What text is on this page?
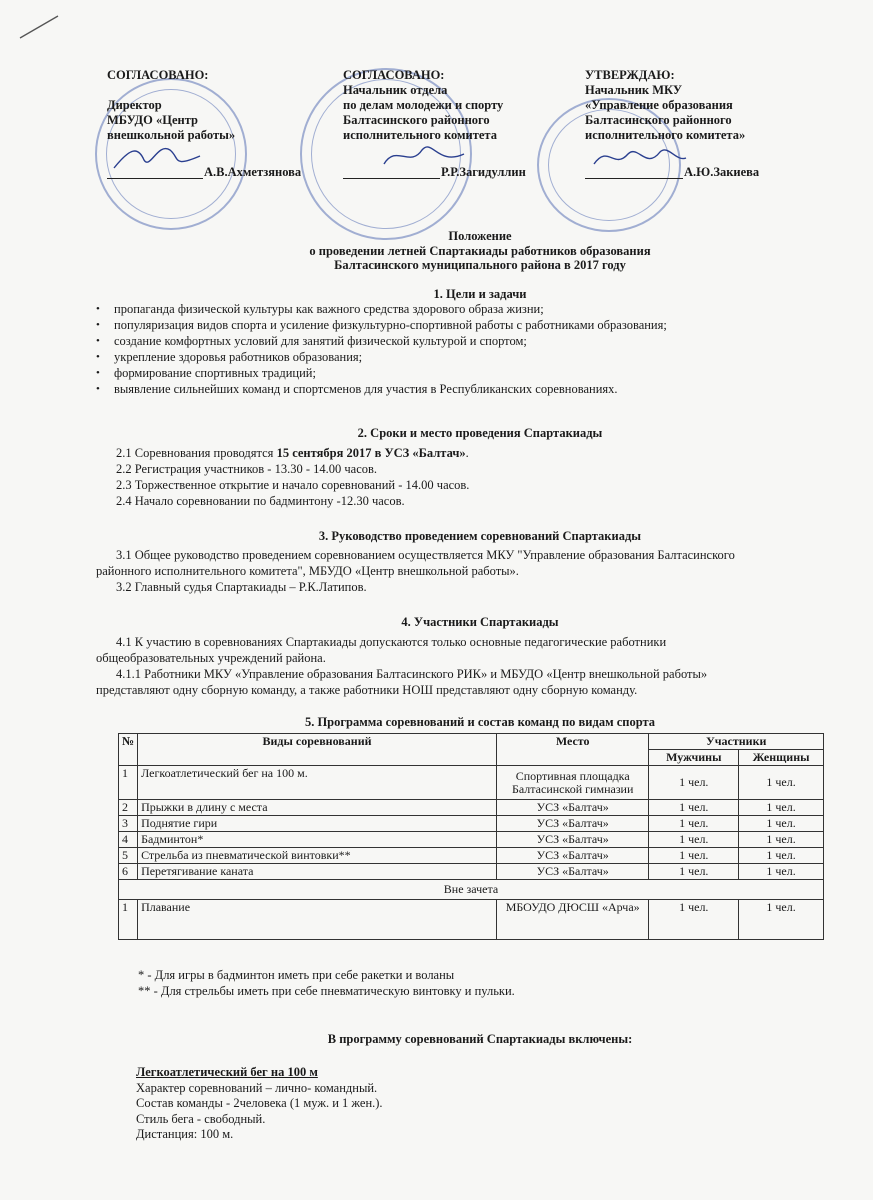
СОГЛАСОВАНО:
Директор
МБУДО «Центр
внешкольной работы»
А.В.Ахметзянова
СОГЛАСОВАНО:
Начальник отдела
по делам молодежи и спорту
Балтасинского районного
исполнительного комитета
Р.Р.Загидуллин
УТВЕРЖДАЮ:
Начальник МКУ
«Управление образования
Балтасинского районного
исполнительного комитета»
А.Ю.Закиева
Положение
о проведении летней Спартакиады работников образования
Балтасинского муниципального района в 2017 году
1. Цели и задачи
• пропаганда физической культуры как важного средства здорового образа жизни;
• популяризация видов спорта и усиление физкультурно-спортивной работы с работниками образования;
• создание комфортных условий для занятий физической культурой и спортом;
• укрепление здоровья работников образования;
• формирование спортивных традиций;
• выявление сильнейших команд и спортсменов для участия в Республиканских соревнованиях.
2. Сроки и место проведения Спартакиады
2.1 Соревнования проводятся 15 сентября 2017 в УСЗ «Балтач».
2.2 Регистрация участников - 13.30 - 14.00 часов.
2.3 Торжественное открытие и начало соревнований - 14.00 часов.
2.4 Начало соревновании по бадминтону -12.30 часов.
3. Руководство проведением соревнований Спартакиады
3.1 Общее руководство проведением соревнованием осуществляется МКУ "Управление образования Балтасинского
районного исполнительного комитета", МБУДО «Центр внешкольной работы».
3.2 Главный судья Спартакиады – Р.К.Латипов.
4. Участники Спартакиады
4.1 К участию в соревнованиях Спартакиады допускаются только основные педагогические работники
общеобразовательных учреждений района.
4.1.1 Работники МКУ «Управление образования Балтасинского РИК» и МБУДО «Центр внешкольной работы»
представляют одну сборную команду, а также работники НОШ представляют одну сборную команду.
5. Программа соревнований и состав команд по видам спорта
№	Виды соревнований	Место	Участники	
			Мужчины	Женщины
1	Легкоатлетический бег на 100 м.	Спортивная площадка Балтасинской гимназии	1 чел.	1 чел.
2	Прыжки в длину с места	УСЗ «Балтач»	1 чел.	1 чел.
3	Поднятие гири	УСЗ «Балтач»	1 чел.	1 чел.
4	Бадминтон*	УСЗ «Балтач»	1 чел.	1 чел.
5	Стрельба из пневматической винтовки**	УСЗ «Балтач»	1 чел.	1 чел.
6	Перетягивание каната	УСЗ «Балтач»	1 чел.	1 чел.
Вне зачета				
1	Плавание	МБОУДО ДЮСШ «Арча»	1 чел.	1 чел.
* - Для игры в бадминтон иметь при себе ракетки и воланы
** - Для стрельбы иметь при себе пневматическую винтовку и пульки.
В программу соревнований Спартакиады включены:
Легкоатлетический бег на 100 м
Характер соревнований – лично- командный.
Состав команды - 2человека (1 муж. и 1 жен.).
Стиль бега - свободный.
Дистанция: 100 м.
